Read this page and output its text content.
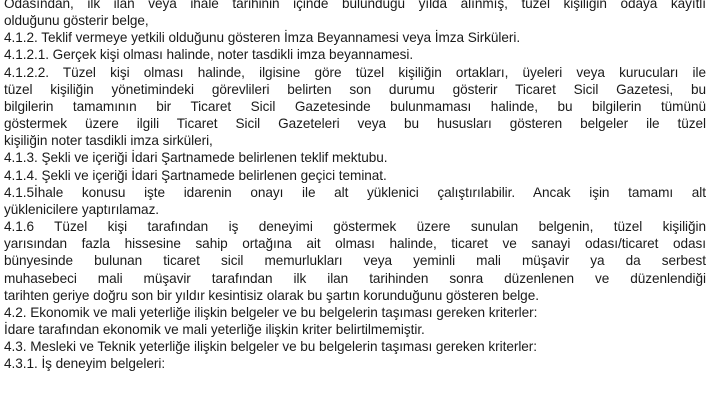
Odasından, ilk ilan veya ihale tarihinin içinde bulunduğu yılda alınmış, tüzel kişiliğin odaya kayıtlı
olduğunu gösterir belge,
4.1.2. Teklif vermeye yetkili olduğunu gösteren İmza Beyannamesi veya İmza Sirküleri.
4.1.2.1. Gerçek kişi olması halinde, noter tasdikli imza beyannamesi.
4.1.2.2. Tüzel kişi olması halinde, ilgisine göre tüzel kişiliğin ortakları, üyeleri veya kurucuları ile
tüzel kişiliğin yönetimindeki görevlileri belirten son durumu gösterir Ticaret Sicil Gazetesi, bu
bilgilerin tamamının bir Ticaret Sicil Gazetesinde bulunmaması halinde, bu bilgilerin tümünü
göstermek üzere ilgili Ticaret Sicil Gazeteleri veya bu hususları gösteren belgeler ile tüzel
kişiliğin noter tasdikli imza sirküleri,
4.1.3. Şekli ve içeriği İdari Şartnamede belirlenen teklif mektubu.
4.1.4. Şekli ve içeriği İdari Şartnamede belirlenen geçici teminat.
4.1.5İhale konusu işte idarenin onayı ile alt yüklenici çalıştırılabilir. Ancak işin tamamı alt
yüklenicilere yaptırılamaz.
4.1.6 Tüzel kişi tarafından iş deneyimi göstermek üzere sunulan belgenin, tüzel kişiliğin
yarısından fazla hissesine sahip ortağına ait olması halinde, ticaret ve sanayi odası/ticaret odası
bünyesinde bulunan ticaret sicil memurlukları veya yeminli mali müşavir ya da serbest
muhasebeci mali müşavir tarafından ilk ilan tarihinden sonra düzenlenen ve düzenlendiği
tarihten geriye doğru son bir yıldır kesintisiz olarak bu şartın korunduğunu gösteren belge.
4.2. Ekonomik ve mali yeterliğe ilişkin belgeler ve bu belgelerin taşıması gereken kriterler:
İdare tarafından ekonomik ve mali yeterliğe ilişkin kriter belirtilmemiştir.
4.3. Mesleki ve Teknik yeterliğe ilişkin belgeler ve bu belgelerin taşıması gereken kriterler:
4.3.1. İş deneyim belgeleri:
